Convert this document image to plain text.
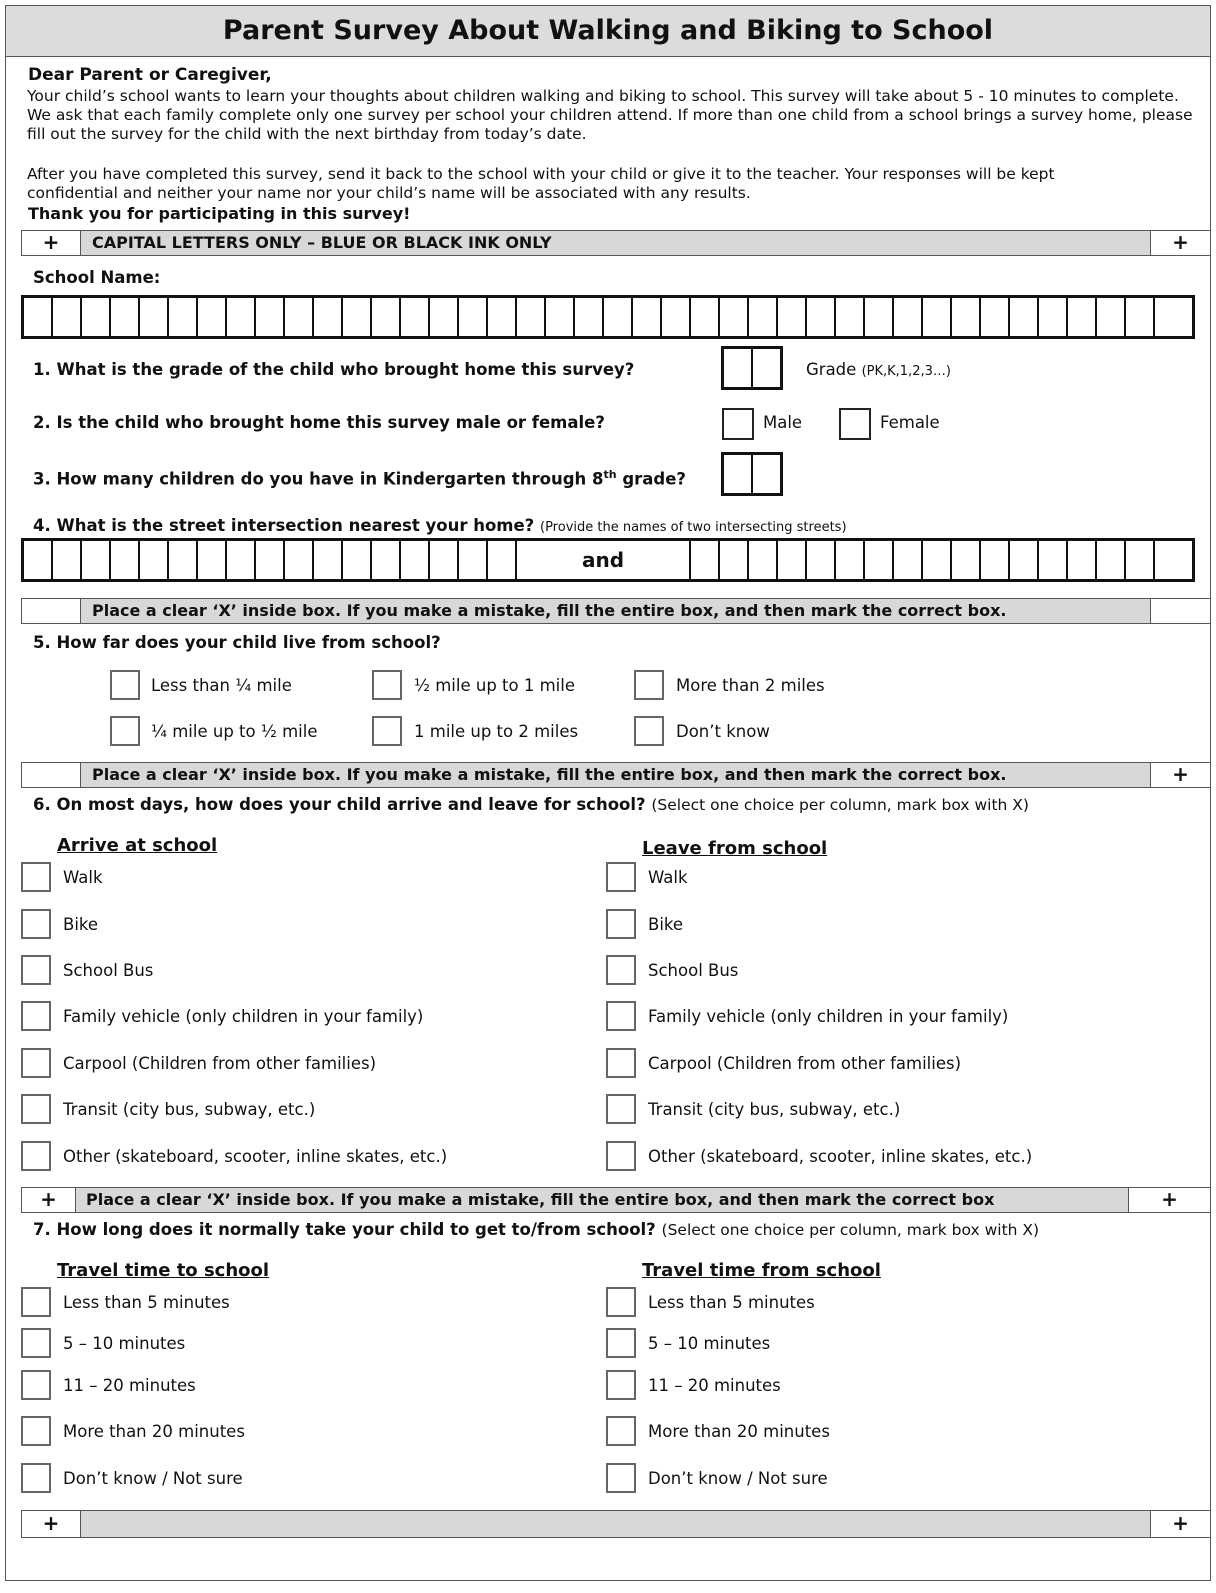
Parent Survey About Walking and Biking to School
Dear Parent or Caregiver,
Your child’s school wants to learn your thoughts about children walking and biking to school. This survey will take about 5 - 10 minutes to complete. We ask that each family complete only one survey per school your children attend. If more than one child from a school brings a survey home, please fill out the survey for the child with the next birthday from today’s date.
After you have completed this survey, send it back to the school with your child or give it to the teacher. Your responses will be kept confidential and neither your name nor your child’s name will be associated with any results.
Thank you for participating in this survey!
+	CAPITAL LETTERS ONLY – BLUE OR BLACK INK ONLY	+
School Name:
1. What is the grade of the child who brought home this survey?	Grade (PK,K,1,2,3…)
2. Is the child who brought home this survey male or female?	Male	Female
3. How many children do you have in Kindergarten through 8th grade?
4. What is the street intersection nearest your home? (Provide the names of two intersecting streets)
and
Place a clear ‘X’ inside box. If you make a mistake, fill the entire box, and then mark the correct box.
5. How far does your child live from school?
Less than ¼ mile	½ mile up to 1 mile	More than 2 miles
¼ mile up to ½ mile	1 mile up to 2 miles	Don’t know
Place a clear ‘X’ inside box. If you make a mistake, fill the entire box, and then mark the correct box.	+
6. On most days, how does your child arrive and leave for school? (Select one choice per column, mark box with X)
Arrive at school	Leave from school
Walk	Walk
Bike	Bike
School Bus	School Bus
Family vehicle (only children in your family)	Family vehicle (only children in your family)
Carpool (Children from other families)	Carpool (Children from other families)
Transit (city bus, subway, etc.)	Transit (city bus, subway, etc.)
Other (skateboard, scooter, inline skates, etc.)	Other (skateboard, scooter, inline skates, etc.)
+	Place a clear ‘X’ inside box. If you make a mistake, fill the entire box, and then mark the correct box	+
7. How long does it normally take your child to get to/from school? (Select one choice per column, mark box with X)
Travel time to school	Travel time from school
Less than 5 minutes	Less than 5 minutes
5 – 10 minutes	5 – 10 minutes
11 – 20 minutes	11 – 20 minutes
More than 20 minutes	More than 20 minutes
Don’t know / Not sure	Don’t know / Not sure
+	+
